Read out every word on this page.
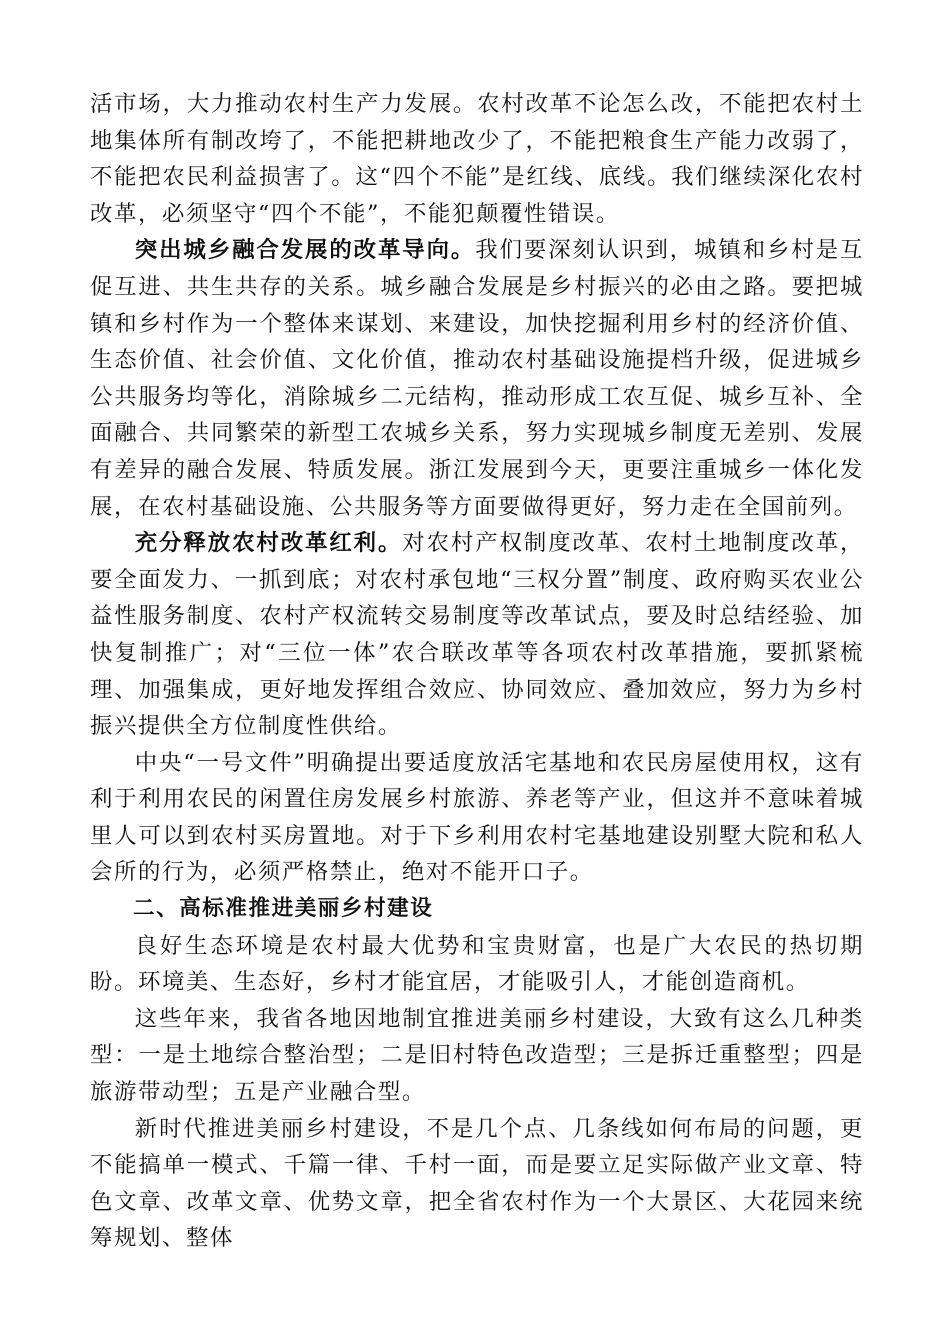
活市场，大力推动农村生产力发展。农村改革不论怎么改，不能把农村土地集体所有制改垮了，不能把耕地改少了，不能把粮食生产能力改弱了，不能把农民利益损害了。这“四个不能”是红线、底线。我们继续深化农村改革，必须坚守“四个不能”，不能犯颠覆性错误。

突出城乡融合发展的改革导向。我们要深刻认识到，城镇和乡村是互促互进、共生共存的关系。城乡融合发展是乡村振兴的必由之路。要把城镇和乡村作为一个整体来谋划、来建设，加快挖掘利用乡村的经济价值、生态价值、社会价值、文化价值，推动农村基础设施提档升级，促进城乡公共服务均等化，消除城乡二元结构，推动形成工农互促、城乡互补、全面融合、共同繁荣的新型工农城乡关系，努力实现城乡制度无差别、发展有差异的融合发展、特质发展。浙江发展到今天，更要注重城乡一体化发展，在农村基础设施、公共服务等方面要做得更好，努力走在全国前列。

充分释放农村改革红利。对农村产权制度改革、农村土地制度改革，要全面发力、一抓到底；对农村承包地“三权分置”制度、政府购买农业公益性服务制度、农村产权流转交易制度等改革试点，要及时总结经验、加快复制推广；对“三位一体”农合联改革等各项农村改革措施，要抓紧梳理、加强集成，更好地发挥组合效应、协同效应、叠加效应，努力为乡村振兴提供全方位制度性供给。

中央“一号文件”明确提出要适度放活宅基地和农民房屋使用权，这有利于利用农民的闲置住房发展乡村旅游、养老等产业，但这并不意味着城里人可以到农村买房置地。对于下乡利用农村宅基地建设别墅大院和私人会所的行为，必须严格禁止，绝对不能开口子。

二、高标准推进美丽乡村建设

良好生态环境是农村最大优势和宝贵财富，也是广大农民的热切期盼。环境美、生态好，乡村才能宜居，才能吸引人，才能创造商机。

这些年来，我省各地因地制宜推进美丽乡村建设，大致有这么几种类型：一是土地综合整治型；二是旧村特色改造型；三是拆迁重整型；四是旅游带动型；五是产业融合型。

新时代推进美丽乡村建设，不是几个点、几条线如何布局的问题，更不能搞单一模式、千篇一律、千村一面，而是要立足实际做产业文章、特色文章、改革文章、优势文章，把全省农村作为一个大景区、大花园来统筹规划、整体
